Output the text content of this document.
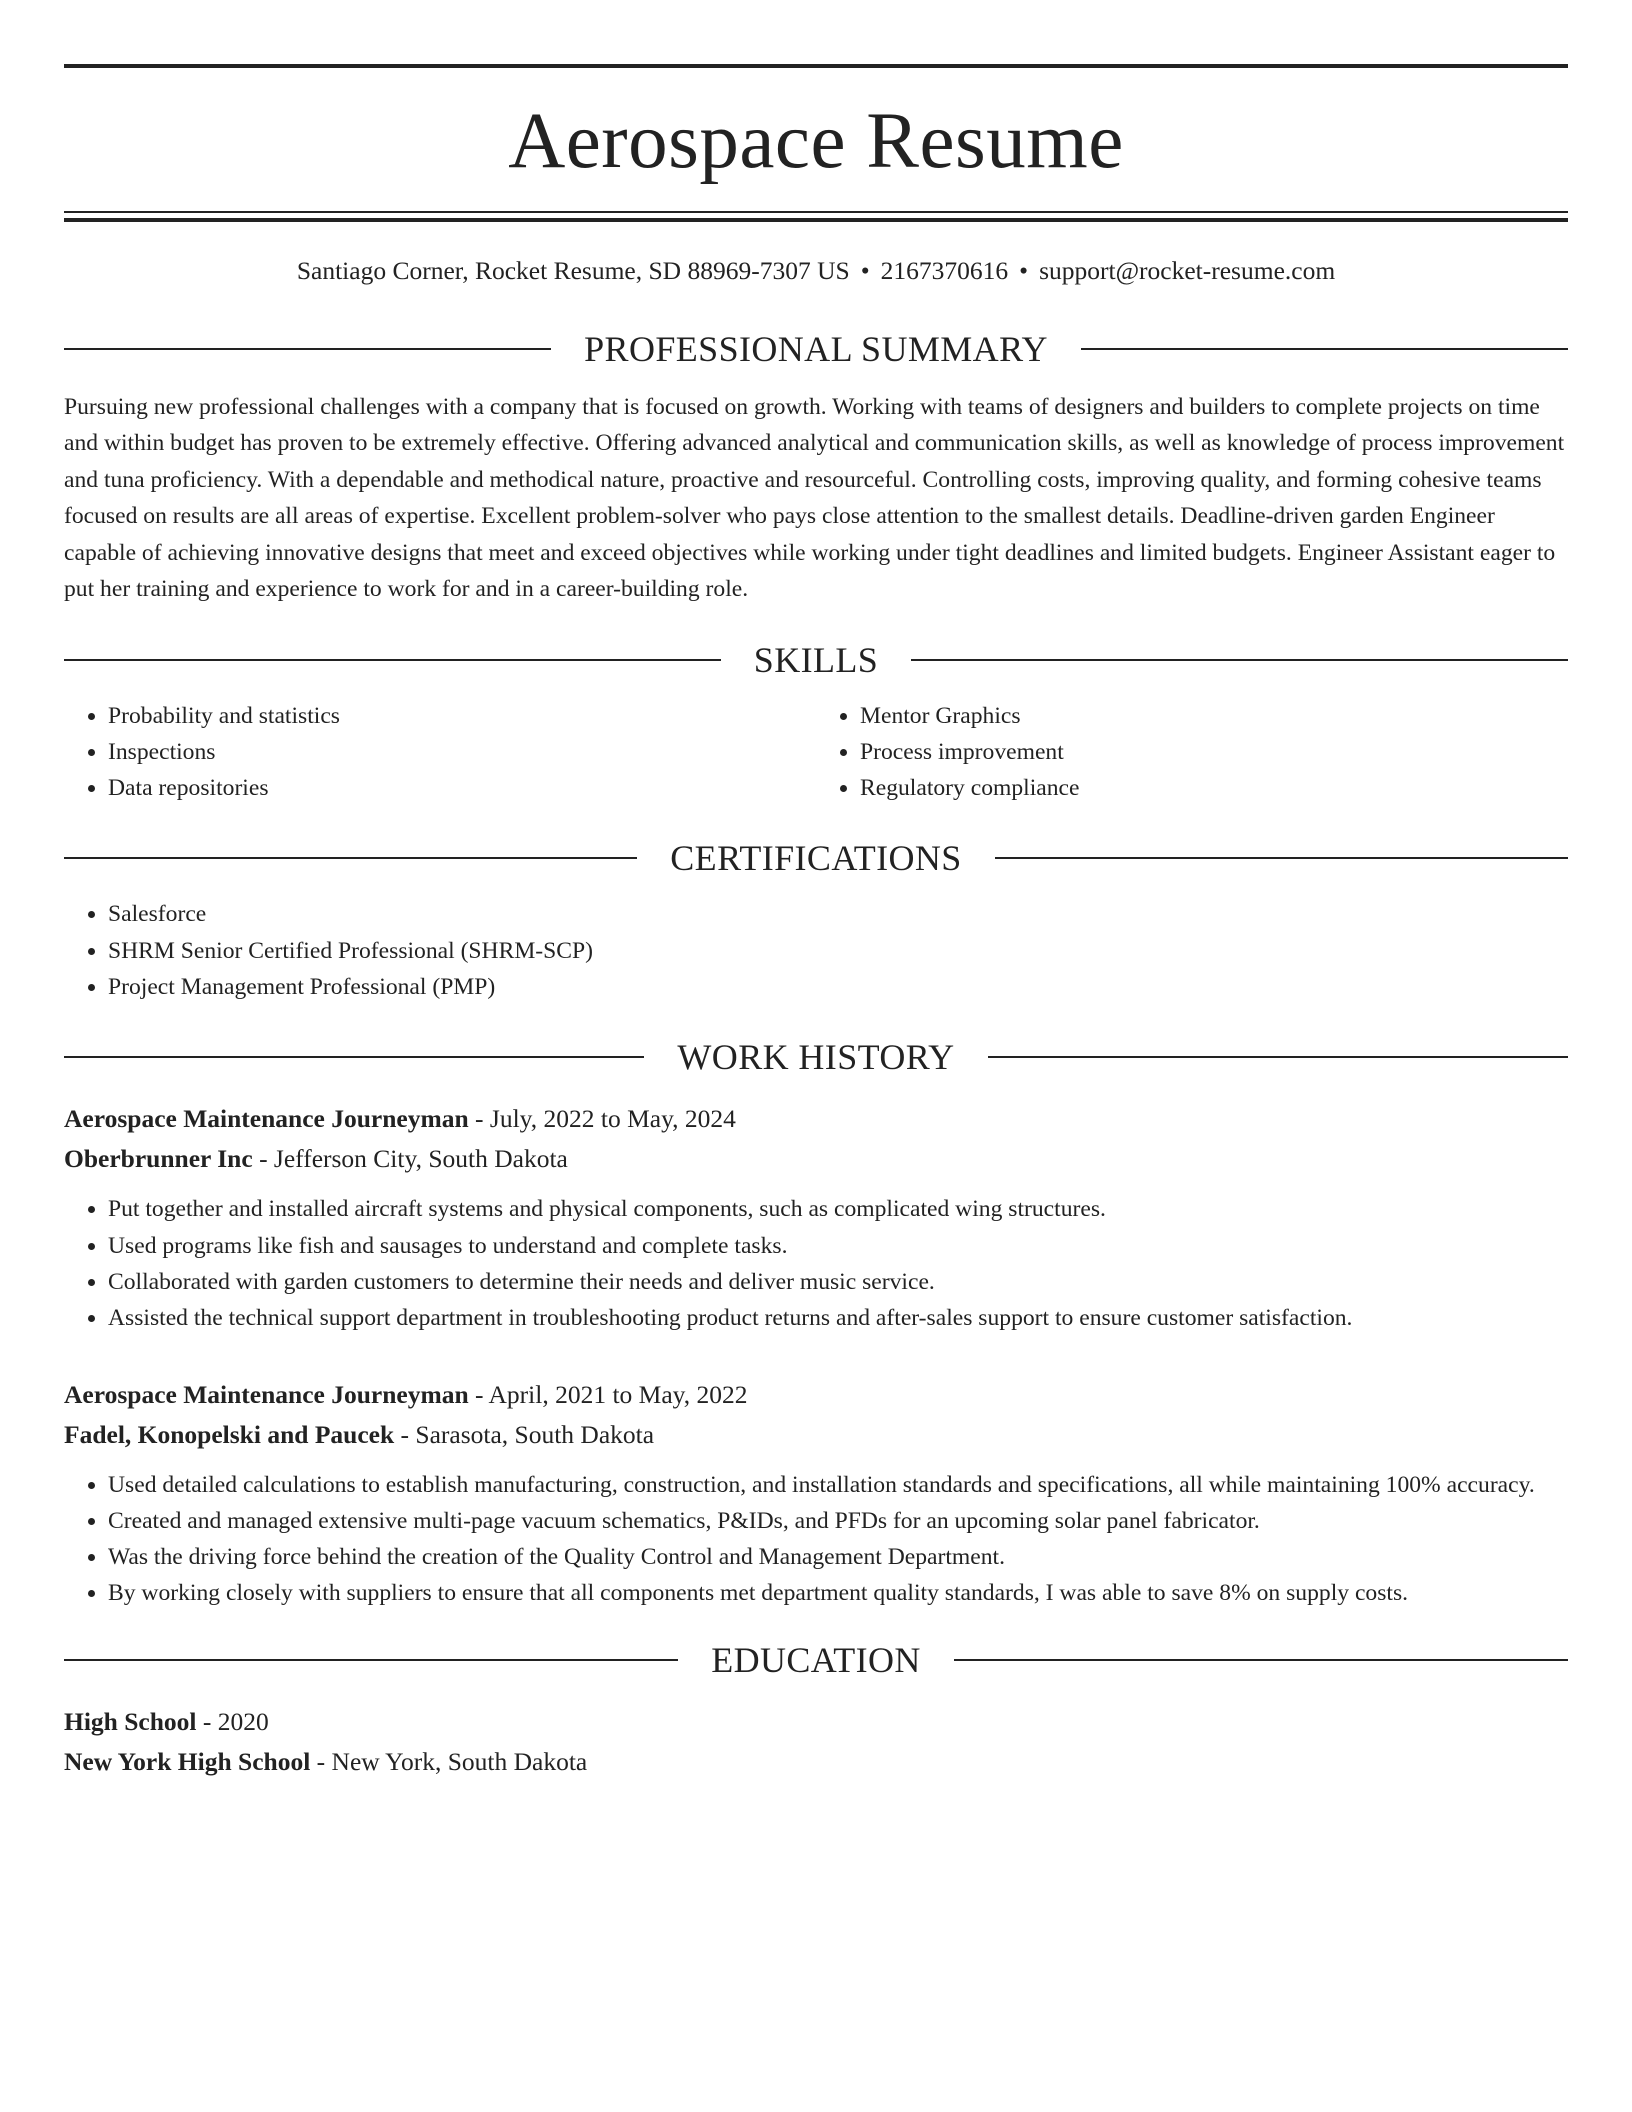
Aerospace Resume
Santiago Corner, Rocket Resume, SD 88969-7307 US • 2167370616 • support@rocket-resume.com
PROFESSIONAL SUMMARY
Pursuing new professional challenges with a company that is focused on growth. Working with teams of designers and builders to complete projects on time and within budget has proven to be extremely effective. Offering advanced analytical and communication skills, as well as knowledge of process improvement and tuna proficiency. With a dependable and methodical nature, proactive and resourceful. Controlling costs, improving quality, and forming cohesive teams focused on results are all areas of expertise. Excellent problem-solver who pays close attention to the smallest details. Deadline-driven garden Engineer capable of achieving innovative designs that meet and exceed objectives while working under tight deadlines and limited budgets. Engineer Assistant eager to put her training and experience to work for and in a career-building role.
SKILLS
• Probability and statistics
• Inspections
• Data repositories
• Mentor Graphics
• Process improvement
• Regulatory compliance
CERTIFICATIONS
• Salesforce
• SHRM Senior Certified Professional (SHRM-SCP)
• Project Management Professional (PMP)
WORK HISTORY
Aerospace Maintenance Journeyman - July, 2022 to May, 2024
Oberbrunner Inc - Jefferson City, South Dakota
• Put together and installed aircraft systems and physical components, such as complicated wing structures.
• Used programs like fish and sausages to understand and complete tasks.
• Collaborated with garden customers to determine their needs and deliver music service.
• Assisted the technical support department in troubleshooting product returns and after-sales support to ensure customer satisfaction.
Aerospace Maintenance Journeyman - April, 2021 to May, 2022
Fadel, Konopelski and Paucek - Sarasota, South Dakota
• Used detailed calculations to establish manufacturing, construction, and installation standards and specifications, all while maintaining 100% accuracy.
• Created and managed extensive multi-page vacuum schematics, P&IDs, and PFDs for an upcoming solar panel fabricator.
• Was the driving force behind the creation of the Quality Control and Management Department.
• By working closely with suppliers to ensure that all components met department quality standards, I was able to save 8% on supply costs.
EDUCATION
High School - 2020
New York High School - New York, South Dakota
